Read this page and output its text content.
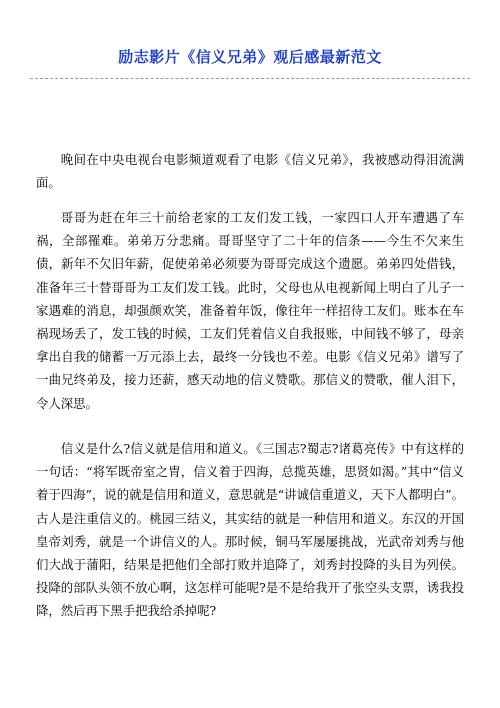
励志影片《信义兄弟》观后感最新范文

晚间在中央电视台电影频道观看了电影《信义兄弟》，我被感动得泪流满面。

哥哥为赶在年三十前给老家的工友们发工钱，一家四口人开车遭遇了车祸，全部罹难。弟弟万分悲痛。哥哥坚守了二十年的信条——今生不欠来生债，新年不欠旧年薪，促使弟弟必须要为哥哥完成这个遗愿。弟弟四处借钱，准备年三十替哥哥为工友们发工钱。此时，父母也从电视新闻上明白了儿子一家遇难的消息，却强颜欢笑，准备着年饭，像往年一样招待工友们。账本在车祸现场丢了，发工钱的时候，工友们凭着信义自我报账，中间钱不够了，母亲拿出自我的储蓄一万元添上去，最终一分钱也不差。电影《信义兄弟》谱写了一曲兄终弟及，接力还薪，感天动地的信义赞歌。那信义的赞歌，催人泪下，令人深思。

信义是什么?信义就是信用和道义。《三国志?蜀志?诸葛亮传》中有这样的一句话：“将军既帝室之胄，信义着于四海，总揽英雄，思贤如渴。”其中“信义着于四海”，说的就是信用和道义，意思就是“讲诚信重道义，天下人都明白”。古人是注重信义的。桃园三结义，其实结的就是一种信用和道义。东汉的开国皇帝刘秀，就是一个讲信义的人。那时候，铜马军屡屡挑战，光武帝刘秀与他们大战于蒲阳，结果是把他们全部打败并追降了，刘秀封投降的头目为列侯。投降的部队头领不放心啊，这怎样可能呢?是不是给我开了张空头支票，诱我投降，然后再下黑手把我给杀掉呢?
